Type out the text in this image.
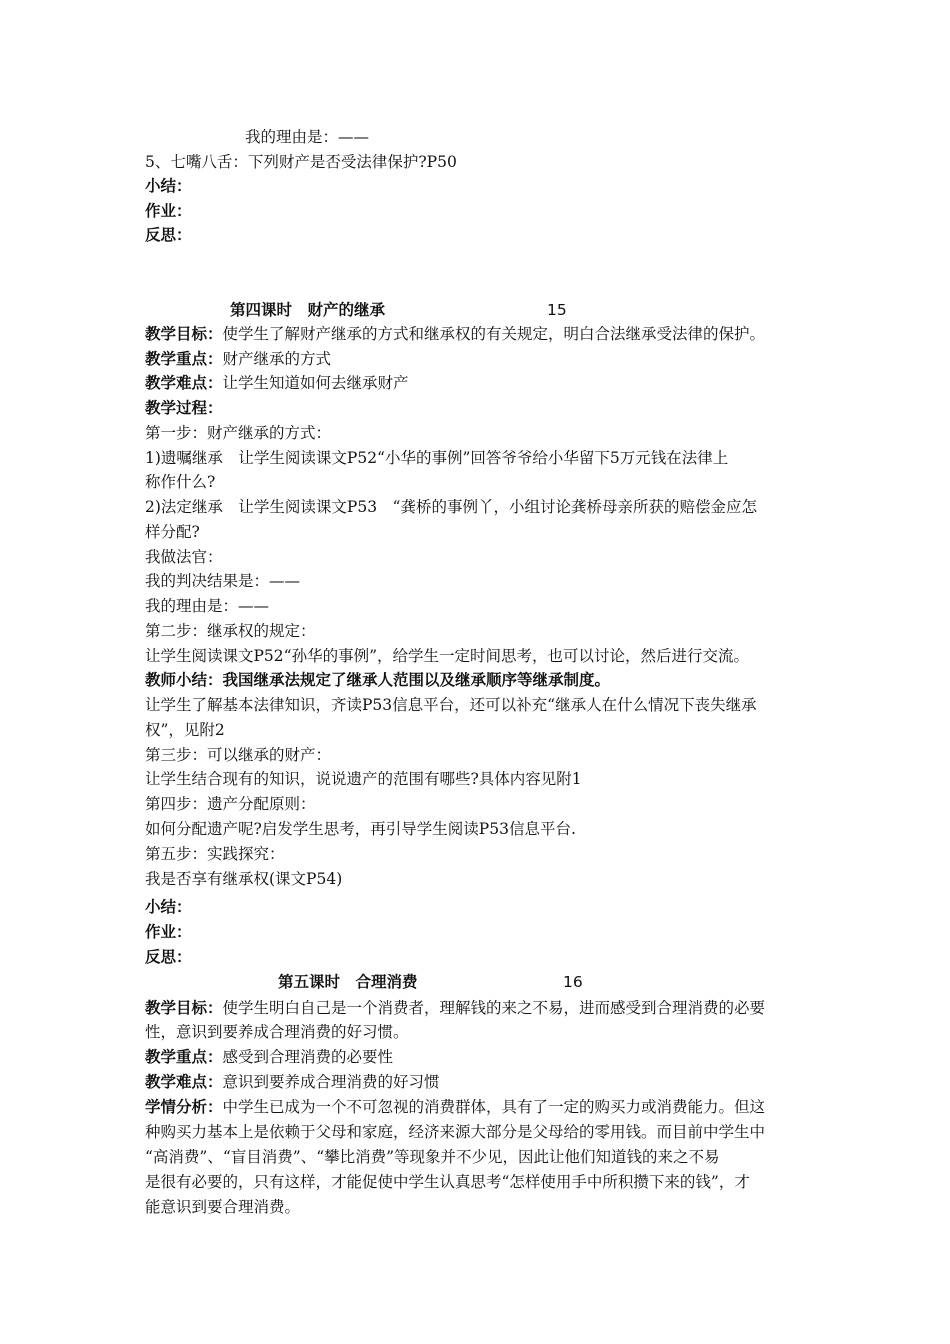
我的理由是：——
5、七嘴八舌：下列财产是否受法律保护?P50
小结：
作业：
反思：
第四课时　财产的继承	15
教学目标：使学生了解财产继承的方式和继承权的有关规定，明白合法继承受法律的保护。
教学重点：财产继承的方式
教学难点：让学生知道如何去继承财产
教学过程：
第一步：财产继承的方式：
1)遗嘱继承　让学生阅读课文P52“小华的事例”回答爷爷给小华留下5万元钱在法律上
称作什么?
2)法定继承　让学生阅读课文P53　“龚桥的事例丫，小组讨论龚桥母亲所获的赔偿金应怎
样分配?
我做法官：
我的判决结果是：——
我的理由是：——
第二步：继承权的规定：
让学生阅读课文P52“孙华的事例”，给学生一定时间思考，也可以讨论，然后进行交流。
教师小结：我国继承法规定了继承人范围以及继承顺序等继承制度。
让学生了解基本法律知识，齐读P53信息平台，还可以补充“继承人在什么情况下丧失继承
权”，见附2
第三步：可以继承的财产：
让学生结合现有的知识，说说遗产的范围有哪些?具体内容见附1
第四步：遗产分配原则：
如何分配遗产呢?启发学生思考，再引导学生阅读P53信息平台.
第五步：实践探究：
我是否享有继承权(课文P54)
小结：
作业：
反思：
第五课时　合理消费	16
教学目标：使学生明白自己是一个消费者，理解钱的来之不易，进而感受到合理消费的必要
性，意识到要养成合理消费的好习惯。
教学重点：感受到合理消费的必要性
教学难点：意识到要养成合理消费的好习惯
学情分析：中学生已成为一个不可忽视的消费群体，具有了一定的购买力或消费能力。但这
种购买力基本上是依赖于父母和家庭，经济来源大部分是父母给的零用钱。而目前中学生中
“高消费”、“盲目消费”、“攀比消费”等现象并不少见，因此让他们知道钱的来之不易
是很有必要的，只有这样，才能促使中学生认真思考“怎样使用手中所积攒下来的钱”，才
能意识到要合理消费。
